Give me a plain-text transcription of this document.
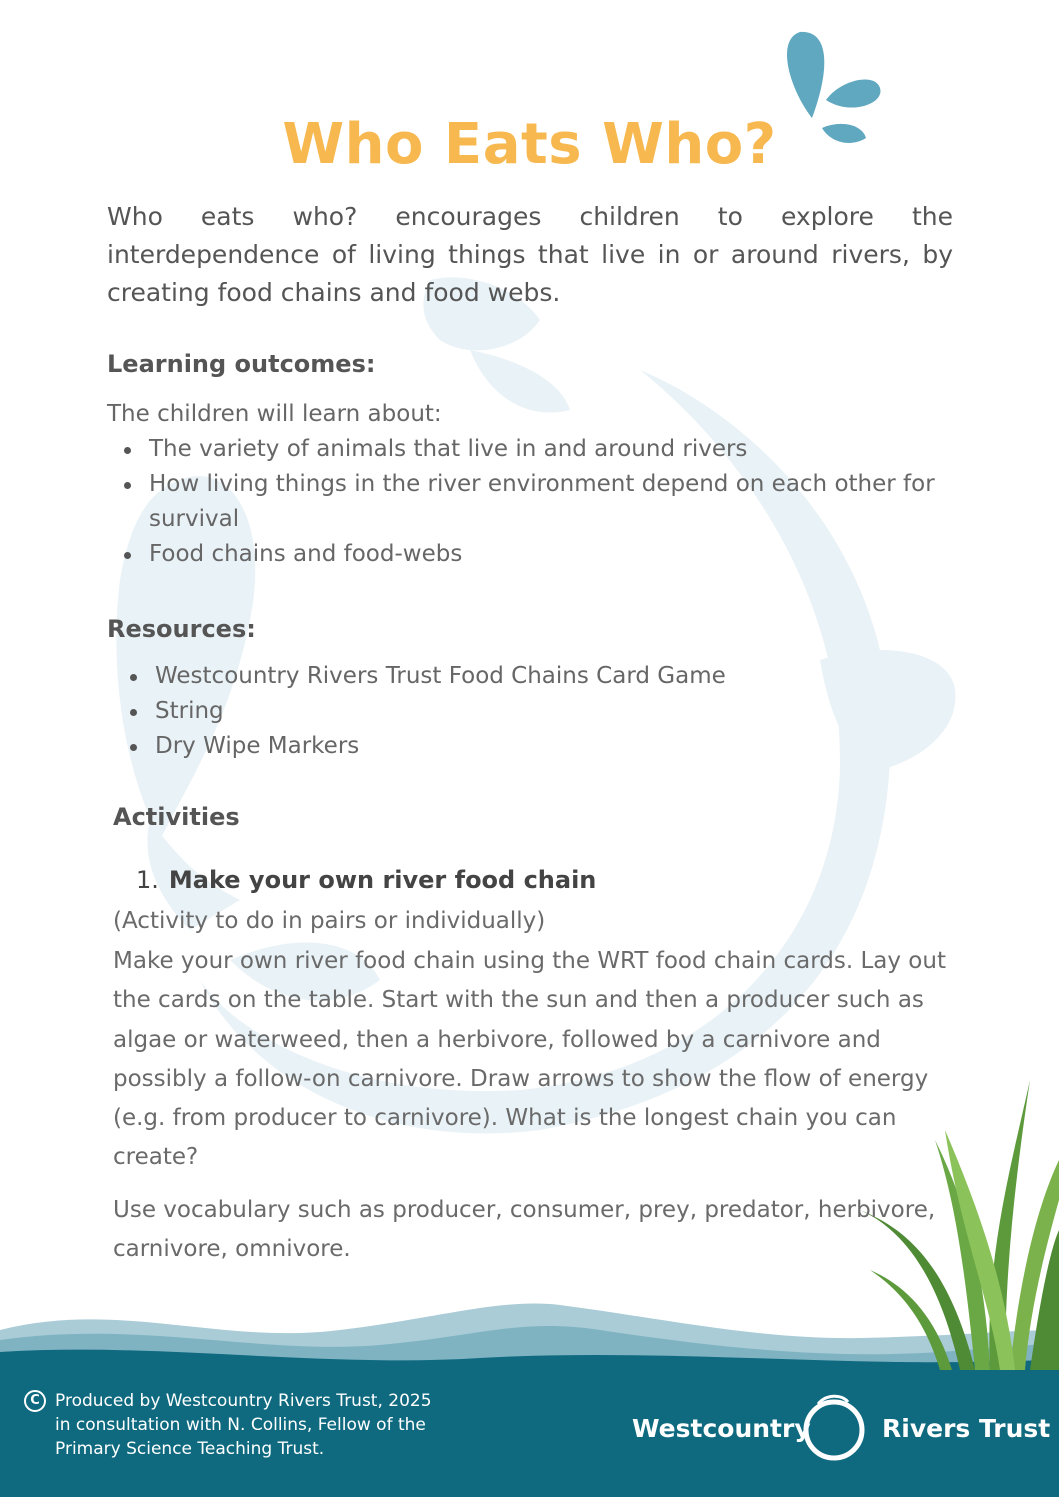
Who Eats Who?

Who eats who? encourages children to explore the interdependence of living things that live in or around rivers, by creating food chains and food webs.

Learning outcomes:

The children will learn about:

The variety of animals that live in and around rivers
How living things in the river environment depend on each other for survival
Food chains and food-webs
Resources:
Westcountry Rivers Trust Food Chains Card Game
String
Dry Wipe Markers
Activities

1. Make your own river food chain

(Activity to do in pairs or individually)

Make your own river food chain using the WRT food chain cards. Lay out the cards on the table. Start with the sun and then a producer such as algae or waterweed, then a herbivore, followed by a carnivore and possibly a follow-on carnivore. Draw arrows to show the flow of energy (e.g. from producer to carnivore). What is the longest chain you can create?

Use vocabulary such as producer, consumer, prey, predator, herbivore, carnivore, omnivore.

C Produced by Westcountry Rivers Trust, 2025 in consultation with N. Collins, Fellow of the Primary Science Teaching Trust.

Westcountry	Rivers Trust
